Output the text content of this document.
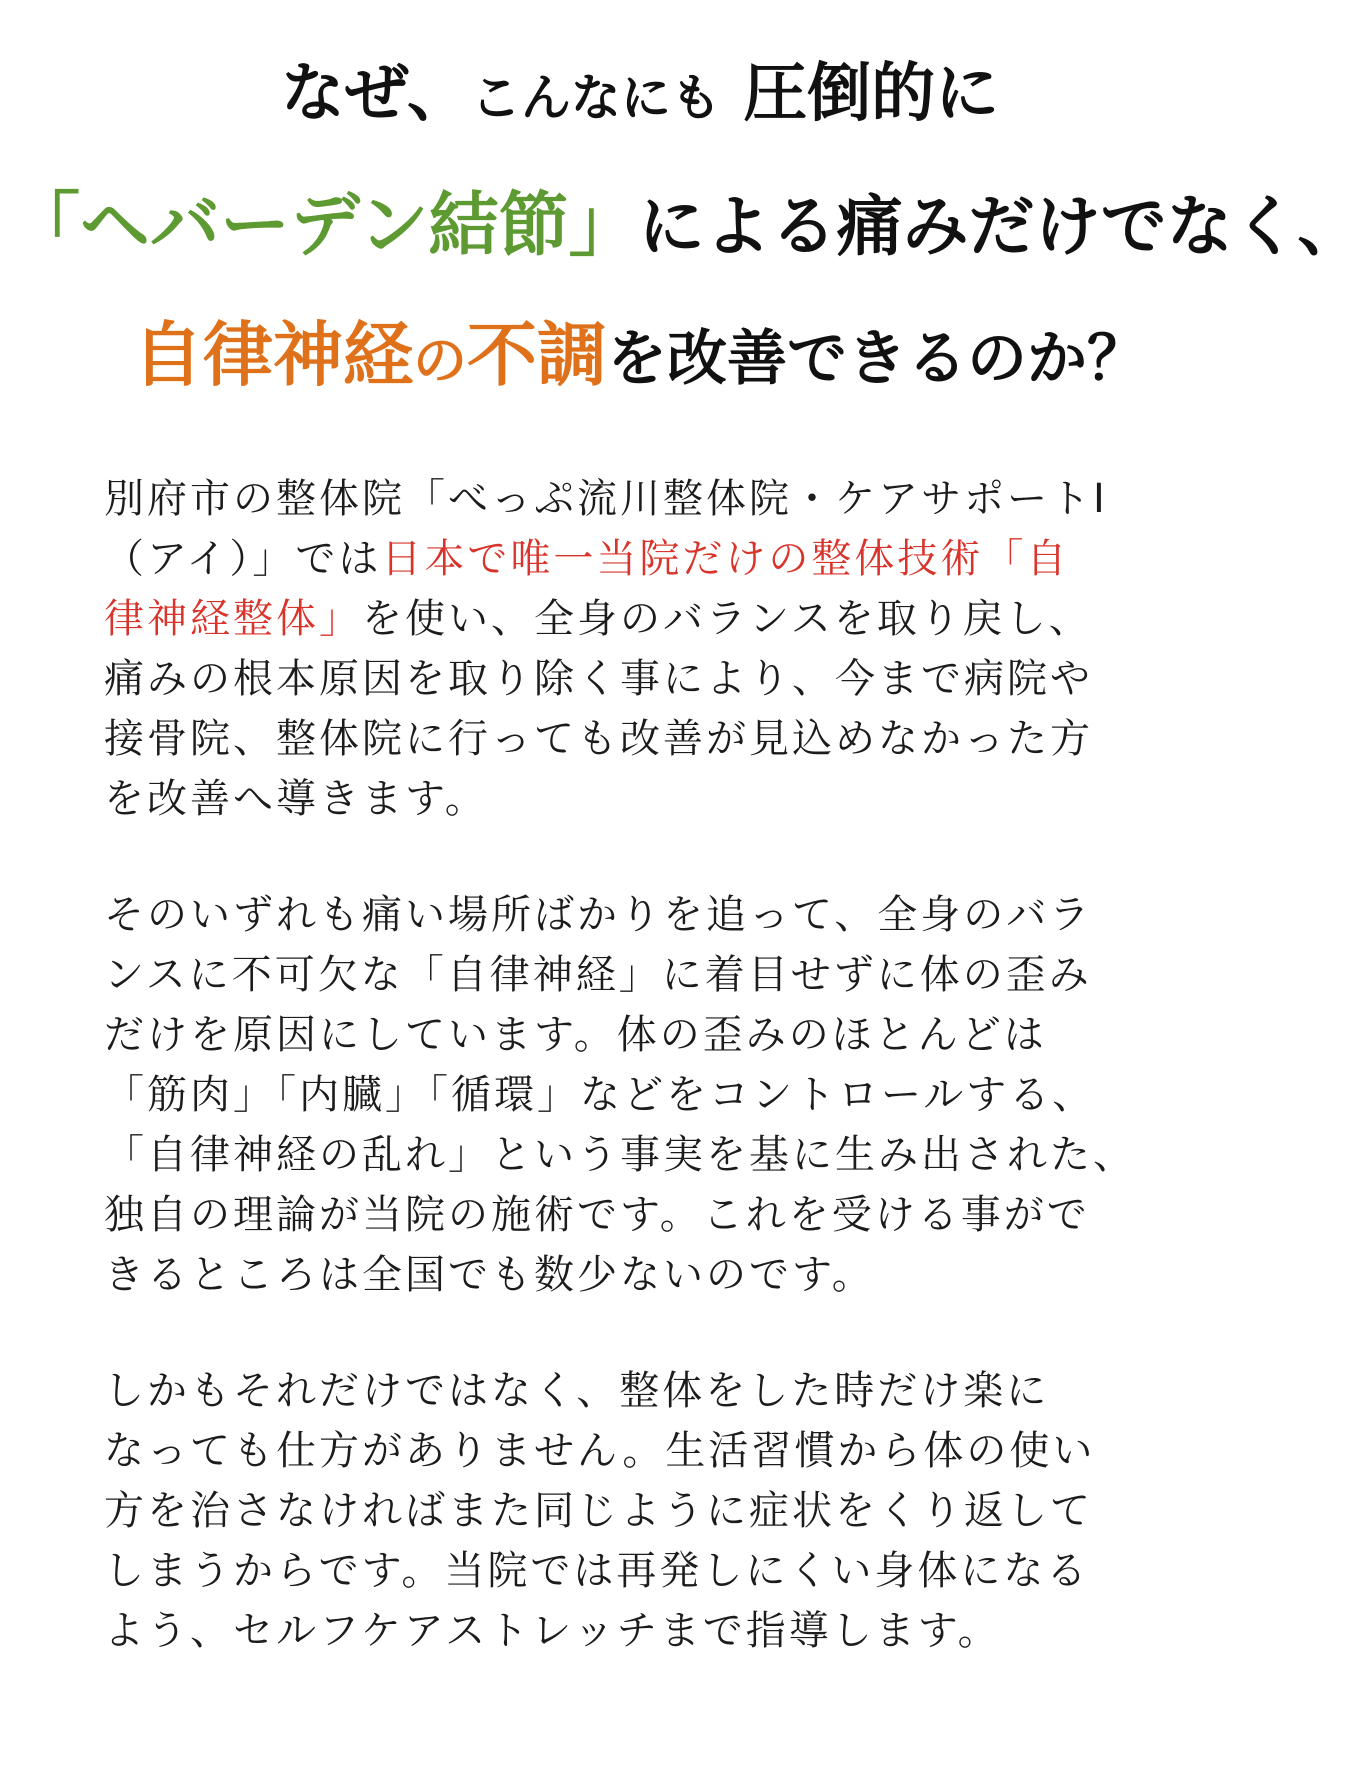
なぜ、こんなにも 圧倒的に
「ヘバーデン結節」による痛みだけでなく、
自律神経の不調を改善できるのか？
別府市の整体院「べっぷ流川整体院・ケアサポートI
（アイ）」では日本で唯一当院だけの整体技術「自
律神経整体」を使い、全身のバランスを取り戻し、
痛みの根本原因を取り除く事により、今まで病院や
接骨院、整体院に行っても改善が見込めなかった方
を改善へ導きます。
そのいずれも痛い場所ばかりを追って、全身のバラ
ンスに不可欠な「自律神経」に着目せずに体の歪み
だけを原因にしています。体の歪みのほとんどは
「筋肉」「内臓」「循環」などをコントロールする、
「自律神経の乱れ」という事実を基に生み出された、
独自の理論が当院の施術です。これを受ける事がで
きるところは全国でも数少ないのです。
しかもそれだけではなく、整体をした時だけ楽に
なっても仕方がありません。生活習慣から体の使い
方を治さなければまた同じように症状をくり返して
しまうからです。当院では再発しにくい身体になる
よう、セルフケアストレッチまで指導します。
